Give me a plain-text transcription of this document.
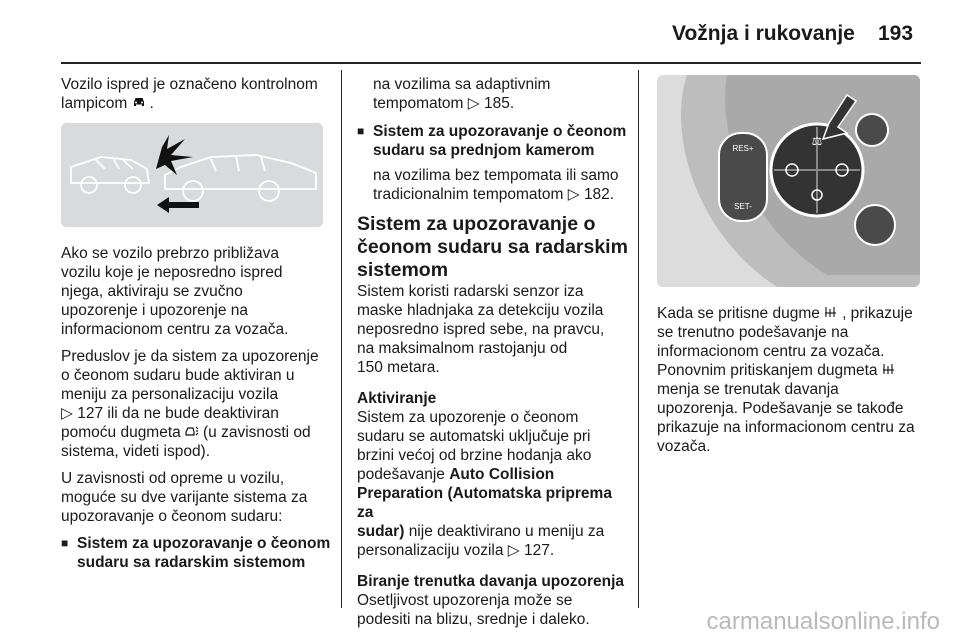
Vožnja i rukovanje 193

Vozilo ispred je označeno kontrolnom
lampicom .

Ako se vozilo prebrzo približava
vozilu koje je neposredno ispred
njega, aktiviraju se zvučno
upozorenje i upozorenje na
informacionom centru za vozača.

Preduslov je da sistem za upozorenje
o čeonom sudaru bude aktiviran u
meniju za personalizaciju vozila
▷ 127 ili da ne bude deaktiviran
pomoću dugmeta (u zavisnosti od
sistema, videti ispod).

U zavisnosti od opreme u vozilu,
moguće su dve varijante sistema za
upozoravanje o čeonom sudaru:

■ Sistem za upozoravanje o čeonom
sudaru sa radarskim sistemom
na vozilima sa adaptivnim
tempomatom ▷ 185.
■ Sistem za upozoravanje o čeonom
sudaru sa prednjom kamerom
na vozilima bez tempomata ili samo
tradicionalnim tempomatom ▷ 182.
Sistem za upozoravanje o
čeonom sudaru sa radarskim
sistemom

Sistem koristi radarski senzor iza
maske hladnjaka za detekciju vozila
neposredno ispred sebe, na pravcu,
na maksimalnom rastojanju od
150 metara.

Aktiviranje

Sistem za upozorenje o čeonom
sudaru se automatski uključuje pri
brzini većoj od brzine hodanja ako
podešavanje Auto Collision
Preparation (Automatska priprema za
sudar) nije deaktivirano u meniju za
personalizaciju vozila ▷ 127.

Biranje trenutka davanja upozorenja

Osetljivost upozorenja može se
podesiti na blizu, srednje i daleko.

RES+
SET-
⚖

Kada se pritisne dugme , prikazuje
se trenutno podešavanje na
informacionom centru za vozača.
Ponovnim pritiskanjem dugmeta
menja se trenutak davanja
upozorenja. Podešavanje se takođe
prikazuje na informacionom centru za
vozača.

carmanualsonline.info
